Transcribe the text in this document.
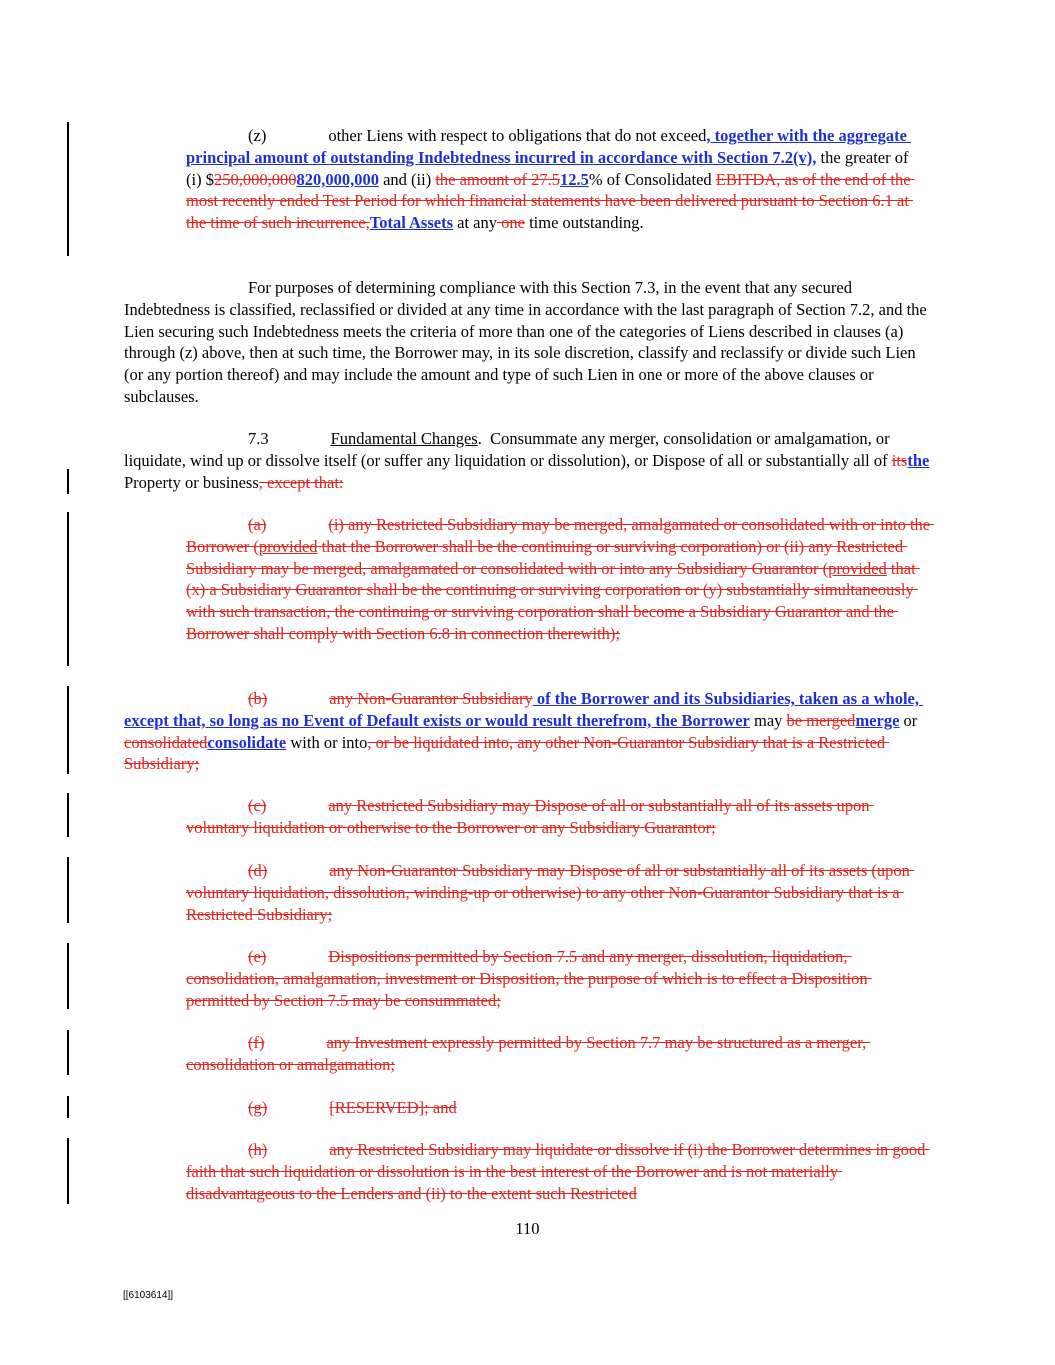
(z)	other Liens with respect to obligations that do not exceed, together with the aggregate principal amount of outstanding Indebtedness incurred in accordance with Section 7.2(v), the greater of (i) $250,000,000820,000,000 and (ii) the amount of 27.512.5% of Consolidated EBITDA, as of the end of the most recently ended Test Period for which financial statements have been delivered pursuant to Section 6.1 at the time of such incurrence,Total Assets at any one time outstanding.
For purposes of determining compliance with this Section 7.3, in the event that any secured Indebtedness is classified, reclassified or divided at any time in accordance with the last paragraph of Section 7.2, and the Lien securing such Indebtedness meets the criteria of more than one of the categories of Liens described in clauses (a) through (z) above, then at such time, the Borrower may, in its sole discretion, classify and reclassify or divide such Lien (or any portion thereof) and may include the amount and type of such Lien in one or more of the above clauses or subclauses.
7.3	Fundamental Changes.  Consummate any merger, consolidation or amalgamation, or liquidate, wind up or dissolve itself (or suffer any liquidation or dissolution), or Dispose of all or substantially all of itsthe Property or business, except that:
(a)	(i) any Restricted Subsidiary may be merged, amalgamated or consolidated with or into the Borrower (provided that the Borrower shall be the continuing or surviving corporation) or (ii) any Restricted Subsidiary may be merged, amalgamated or consolidated with or into any Subsidiary Guarantor (provided that (x) a Subsidiary Guarantor shall be the continuing or surviving corporation or (y) substantially simultaneously with such transaction, the continuing or surviving corporation shall become a Subsidiary Guarantor and the Borrower shall comply with Section 6.8 in connection therewith);
(b)	any Non-Guarantor Subsidiary of the Borrower and its Subsidiaries, taken as a whole, except that, so long as no Event of Default exists or would result therefrom, the Borrower may be mergedmerge or consolidatedconsolidate with or into, or be liquidated into, any other Non-Guarantor Subsidiary that is a Restricted Subsidiary;
(c)	any Restricted Subsidiary may Dispose of all or substantially all of its assets upon voluntary liquidation or otherwise to the Borrower or any Subsidiary Guarantor;
(d)	any Non-Guarantor Subsidiary may Dispose of all or substantially all of its assets (upon voluntary liquidation, dissolution, winding-up or otherwise) to any other Non-Guarantor Subsidiary that is a Restricted Subsidiary;
(e)	Dispositions permitted by Section 7.5 and any merger, dissolution, liquidation, consolidation, amalgamation, investment or Disposition, the purpose of which is to effect a Disposition permitted by Section 7.5 may be consummated;
(f)	any Investment expressly permitted by Section 7.7 may be structured as a merger, consolidation or amalgamation;
(g)	[RESERVED]; and
(h)	any Restricted Subsidiary may liquidate or dissolve if (i) the Borrower determines in good faith that such liquidation or dissolution is in the best interest of the Borrower and is not materially disadvantageous to the Lenders and (ii) to the extent such Restricted
110
[[6103614]]
